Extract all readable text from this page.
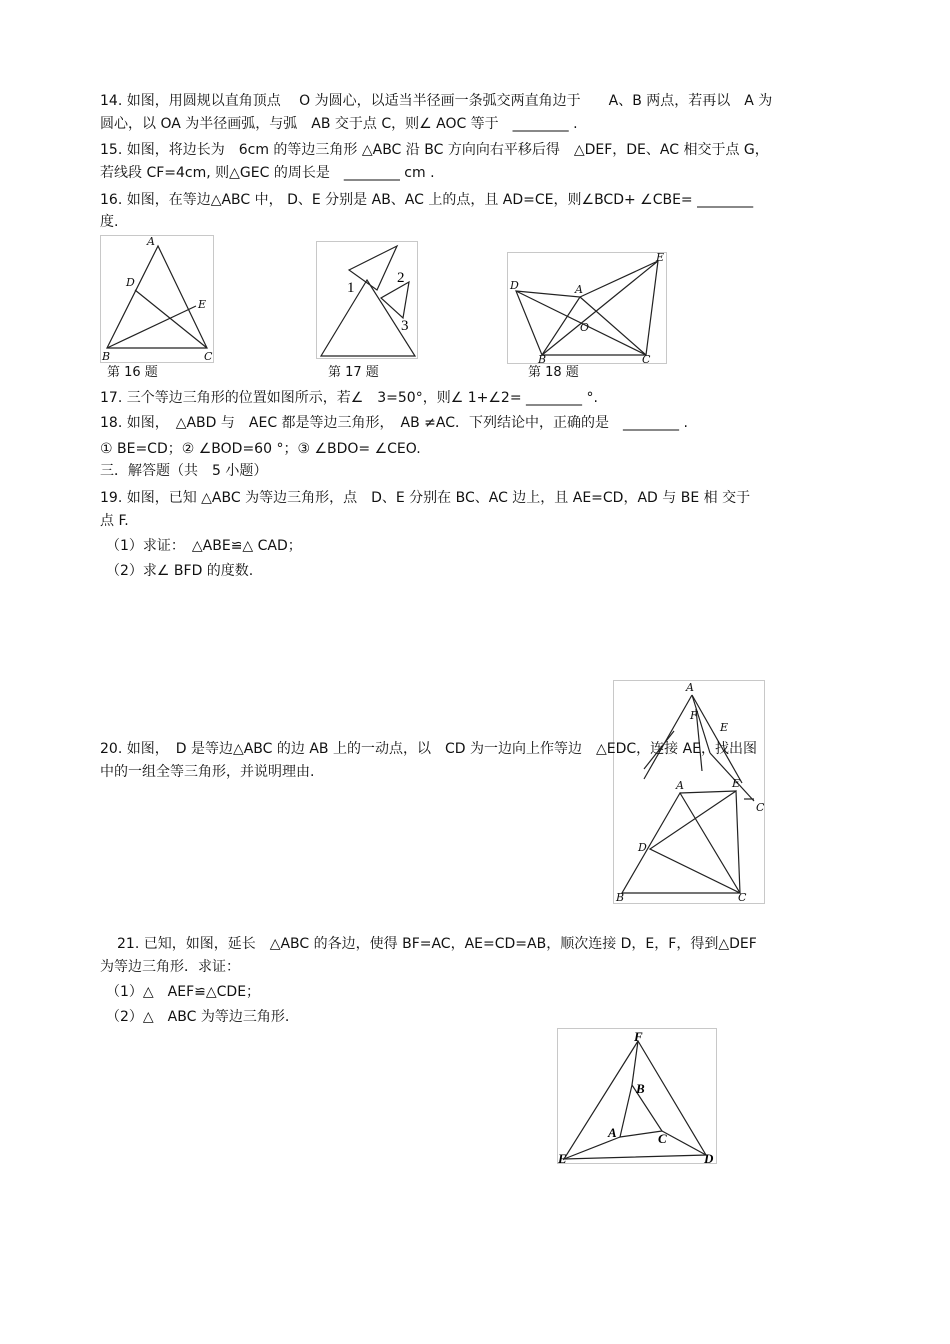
14. 如图，用圆规以直角顶点　 O 为圆心，以适当半径画一条弧交两直角边于　　A、B 两点，若再以　A 为
圆心，以 OA 为半径画弧，与弧　AB 交于点 C，则∠ AOC 等于　________ .
15. 如图，将边长为　6cm 的等边三角形 △ABC 沿 BC 方向向右平移后得　△DEF，DE、AC 相交于点 G，
若线段 CF=4cm, 则△GEC 的周长是　________ cm .
16. 如图，在等边△ABC 中， D、E 分别是 AB、AC 上的点，且 AD=CE，则∠BCD+ ∠CBE= ________
度.
A
D
E
B	C
1
2
3
D	A
E
O
B	C
第 16 题	第 17 题	第 18 题
17. 三个等边三角形的位置如图所示，若∠　3=50°，则∠ 1+∠2= ________ °.
18. 如图，　△ABD 与　AEC 都是等边三角形，　AB ≠AC．下列结论中，正确的是　________ .
① BE=CD；② ∠BOD=60 °；③ ∠BDO= ∠CEO.
三．解答题（共　5 小题）
19. 如图，已知 △ABC 为等边三角形，点　D、E 分别在 BC、AC 边上，且 AE=CD，AD 与 BE 相 交于
点 F.
（1）求证：　△ABE≌△ CAD；
（2）求∠ BFD 的度数.
A
E
F
C
A	E
D
B	C
20. 如图，　D 是等边△ABC 的边 AB 上的一动点，以　CD 为一边向上作等边　△EDC，连接 AE，找出图
中的一组全等三角形，并说明理由.
21. 已知，如图，延长　△ABC 的各边，使得 BF=AC，AE=CD=AB，顺次连接 D，E，F，得到△DEF
为等边三角形．求证：
（1）△　AEF≌△CDE；
（2）△　ABC 为等边三角形.
F
B
A	C
E	D
